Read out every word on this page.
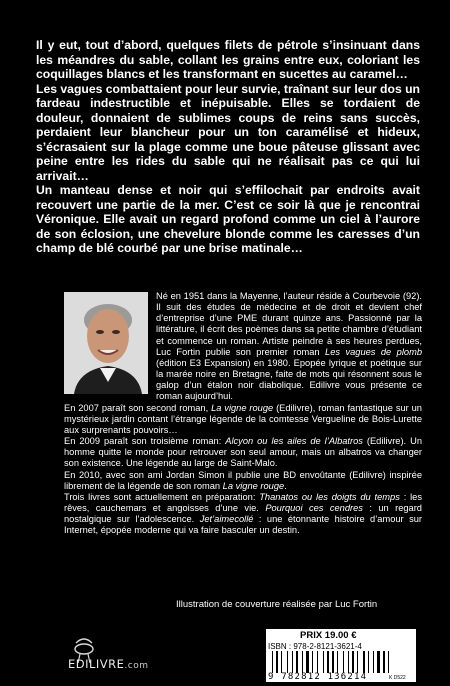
Il y eut, tout d’abord, quelques filets de pétrole s’insinuant dans les méandres du sable, collant les grains entre eux, coloriant les coquillages blancs et les transformant en sucettes au caramel…

Les vagues combattaient pour leur survie, traînant sur leur dos un fardeau indestructible et inépuisable. Elles se tordaient de douleur, donnaient de sublimes coups de reins sans succès, perdaient leur blancheur pour un ton caramélisé et hideux, s’écrasaient sur la plage comme une boue pâteuse glissant avec peine entre les rides du sable qui ne réalisait pas ce qui lui arrivait…

Un manteau dense et noir qui s’effilochait par endroits avait recouvert une partie de la mer. C’est ce soir là que je rencontrai Véronique. Elle avait un regard profond comme un ciel à l’aurore de son éclosion, une chevelure blonde comme les caresses d’un champ de blé courbé par une brise matinale…

Né en 1951 dans la Mayenne, l’auteur réside à Courbevoie (92). Il suit des études de médecine et de droit et devient chef d’entreprise d’une PME durant quinze ans. Passionné par la littérature, il écrit des poèmes dans sa petite chambre d’étudiant et commence un roman. Artiste peindre à ses heures perdues, Luc Fortin publie son premier roman Les vagues de plomb (édition E3 Expansion) en 1980. Epopée lyrique et poétique sur la marée noire en Bretagne, faite de mots qui résonnent sous le galop d’un étalon noir diabolique. Edilivre vous présente ce roman aujourd’hui.

En 2007 paraît son second roman, La vigne rouge (Edilivre), roman fantastique sur un mystérieux jardin contant l’étrange légende de la comtesse Vergueline de Bois-Lurette aux surprenants pouvoirs…

En 2009 paraît son troisième roman: Alcyon ou les ailes de l’Albatros (Edilivre). Un homme quitte le monde pour retrouver son seul amour, mais un albatros va changer son existence. Une légende au large de Saint-Malo.

En 2010, avec son ami Jordan Simon il publie une BD envoûtante (Edilivre) inspirée librement de la légende de son roman La vigne rouge.

Trois livres sont actuellement en préparation: Thanatos ou les doigts du temps : les rêves, cauchemars et angoisses d’une vie. Pourquoi ces cendres : un regard nostalgique sur l’adolescence. Jet’aimecollé : une étonnante histoire d’amour sur Internet, épopée moderne qui va faire basculer un destin.

Illustration de couverture réalisée par Luc Fortin
EDILIVRE.com
PRIX 19.00 €
ISBN : 978-2-8121-3621-4
9 782812 136214	K D522
